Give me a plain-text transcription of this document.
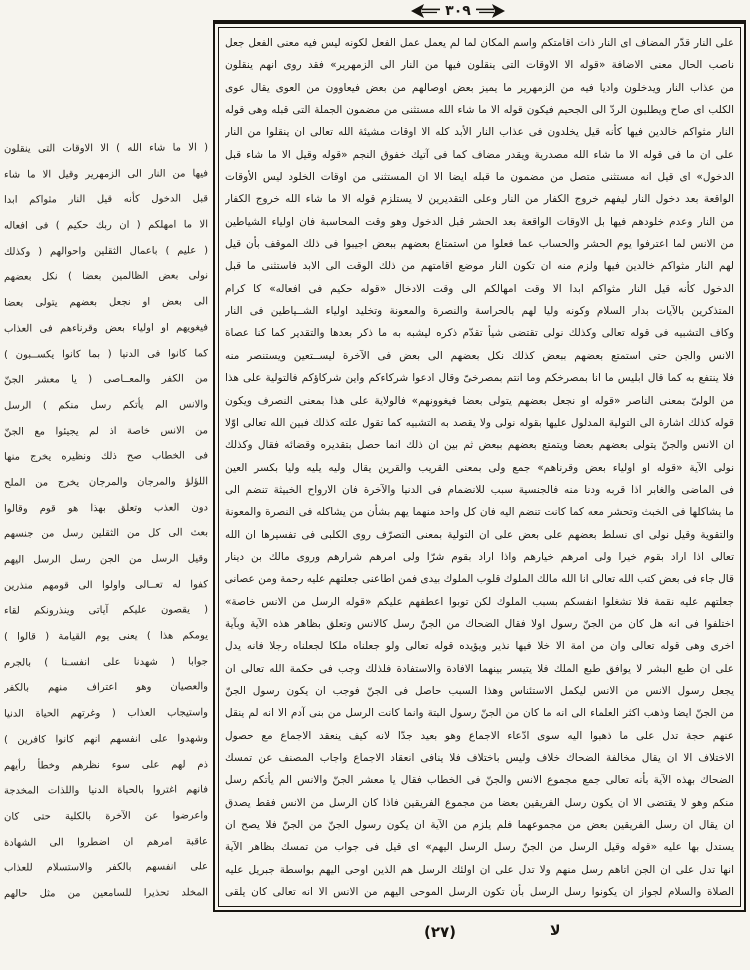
٣٠٩
( الا ما شاء الله ) الا الاوقات التى ينقلون
فيها من النار الى الزمهرير وقيل الا ما شاء
قبل الدخول كأنه قيل النار مثواكم ابدا
الا ما امهلكم ( ان ربك حكيم ) فى افعاله
( عليم ) باعمال الثقلين واحوالهم ( وكذلك
نولى بعض الظالمين بعضا ) نكل بعضهم
الى بعض او نجعل بعضهم يتولى بعضا
فيغويهم او اولياء بعض وقرناءهم فى العذاب
كما كانوا فى الدنيا ( بما كانوا يكســبون )
من الكفر والمعــاصى ( يا معشر الجنّ
والانس الم يأتكم رسل منكم ) الرسل
من الانس خاصة اذ لم يجيئوا مع الجنّ
فى الخطاب صح ذلك ونظيره يخرج منها
اللؤلؤ والمرجان والمرجان يخرج من الملح
دون العذب وتعلق بهذا هو قوم وقالوا
بعث الى كل من الثقلين رسل من جنسهم
وقيل الرسل من الجن رسل الرسل اليهم
كفوا له تعــالى واولوا الى قومهم منذرين
( يقصون عليكم آياتى وينذرونكم لقاء
يومكم هذا ) يعنى يوم القيامة ( قالوا )
جوابا ( شهدنا على انفسـنا ) بالجرم
والعصيان وهو اعتراف منهم بالكفر
واستيجاب العذاب ( وغرتهم الحياة الدنيا
وشهدوا على انفسهم انهم كانوا كافرين )
ذم لهم على سوء نظرهم وخطأ رأيهم
فانهم اغتروا بالحياة الدنيا واللذات المخدجة
واعرضوا عن الآخرة بالكلية حتى كان
عاقبة امرهم ان اضطروا الى الشهادة
على انفسهم بالكفر والاستسلام للعذاب
المخلد تحذيرا للسامعين من مثل حالهم
على النار قدّر المضاف اى النار ذات اقامتكم واسم المكان لما لم يعمل عمل الفعل لكونه ليس فيه معنى الفعل جعل
ناصب الحال معنى الاضافة «قوله الا الاوقات التى ينقلون فيها من النار الى الزمهرير» فقد روى انهم ينقلون
من عذاب النار ويدخلون واديا فيه من الزمهرير ما يميز بعض اوصالهم من بعض فيعاوون من العوى يقال عوى
الكلب اى صاح ويطلبون الردّ الى الجحيم فيكون قوله الا ما شاء الله مستثنى من مضمون الجملة التى قبله وهى قوله
النار مثواكم خالدين فيها كأنه قيل يخلدون فى عذاب النار الأبد كله الا اوقات مشيئة الله تعالى ان ينقلوا من النار
على ان ما فى قوله الا ما شاء الله مصدرية ويقدر مضاف كما فى آتيك خفوق النجم «قوله وقيل الا ما شاء قبل
الدخول» اى قيل انه مستثنى متصل من مضمون ما قبله ايضا الا ان المستثنى من اوقات الخلود ليس الأوقات
الواقعة بعد دخول النار ليفهم خروج الكفار من النار وعلى التقديرين لا يستلزم قوله الا ما شاء الله خروج الكفار
من النار وعدم خلودهم فيها بل الاوقات الواقعة بعد الحشر قبل الدخول وهو وقت المحاسبة فان اولياء الشياطين
من الانس لما اعترفوا يوم الحشر والحساب عما فعلوا من استمتاع بعضهم ببعض اجيبوا فى ذلك الموقف بأن قيل
لهم النار مثواكم خالدين فيها ولزم منه ان تكون النار موضع اقامتهم من ذلك الوقت الى الابد فاستثنى ما قبل
الدخول كأنه قيل النار مثواكم ابدا الا وقت امهالكم الى وقت الادخال «قوله حكيم فى افعاله» كا كرام
المتذكرين بالآيات بدار السلام وكونه وليا لهم بالحراسة والنصرة والمعونة وتخليد اولياء الشــياطين فى النار
وكاف التشبيه فى قوله تعالى وكذلك نولى تقتضى شيأ تقدّم ذكره ليشبه به ما ذكر بعدها والتقدير كما كنا عصاة
الانس والجن حتى استمتع بعضهم ببعض كذلك نكل بعضهم الى بعض فى الآخرة ليســتعين ويستنصر منه
فلا ينتفع به كما قال ابليس ما انا بمصرخكم وما انتم بمصرخىّ وقال ادعوا شركاءكم واين شركاؤكم فالتولية على هذا
من الولىّ بمعنى الناصر «قوله او نجعل بعضهم يتولى بعضا فيغوونهم» فالولاية على هذا بمعنى النصرف ويكون
قوله كذلك اشارة الى التولية المدلول عليها بقوله نولى ولا يقصد به التشبيه كما تقول علته كذلك فبين الله تعالى اوّلا
ان الانس والجنّ يتولى بعضهم بعضا ويتمتع بعضهم ببعض ثم بين ان ذلك انما حصل بتقديره وقضائه فقال وكذلك
نولى الآية «قوله او اولياء بعض وقرناهم» جمع ولى بمعنى القريب والقرين يقال وليه يليه وليا بكسر العين
فى الماضى والغابر اذا قربه ودنا منه فالجنسية سبب للانضمام فى الدنيا والآخرة فان الارواح الخبيثة تنضم الى
ما يشاكلها فى الخبث وتحشر معه كما كانت تنضم اليه فان كل واحد منهما يهم بشأن من يشاكله فى النصرة والمعونة
والتقوية وقيل نولى اى نسلط بعضهم على بعض على ان التولية بمعنى التصرّف روى الكلبى فى تفسيرها ان الله
تعالى اذا اراد بقوم خيرا ولى امرهم خيارهم واذا اراد بقوم شرّا ولى امرهم شرارهم وروى مالك بن دينار
قال جاء فى بعض كتب الله تعالى انا الله مالك الملوك قلوب الملوك بيدى فمن اطاعنى جعلتهم عليه رحمة ومن عصانى
جعلتهم عليه نقمة فلا تشغلوا انفسكم بسبب الملوك لكن توبوا اعطفهم عليكم «قوله الرسل من الانس خاصة»
اختلفوا فى انه هل كان من الجنّ رسول اولا فقال الضحاك من الجنّ رسل كالانس وتعلق بظاهر هذه الآية وبآية
اخرى وهى قوله تعالى وان من امة الا خلا فيها نذير ويؤيده قوله تعالى ولو جعلناه ملكا لجعلناه رجلا فانه يدل
على ان طبع البشر لا يوافق طبع الملك فلا يتيسر بينهما الافادة والاستفادة فلذلك وجب فى حكمة الله تعالى ان
يجعل رسول الانس من الانس ليكمل الاستئناس وهذا السبب حاصل فى الجنّ فوجب ان يكون رسول الجنّ
من الجنّ ايضا وذهب اكثر العلماء الى انه ما كان من الجنّ رسول البتة وانما كانت الرسل من بنى آدم الا انه لم ينقل
عنهم حجة تدل على ما ذهبوا اليه سوى ادّعاء الاجماع وهو بعيد جدّا لانه كيف ينعقد الاجماع مع حصول
الاختلاف الا ان يقال مخالفة الضحاك خلاف وليس باختلاف فلا ينافى انعقاد الاجماع واجاب المصنف عن تمسك
الضحاك بهذه الآية بأنه تعالى جمع مجموع الانس والجنّ فى الخطاب فقال يا معشر الجنّ والانس الم يأتكم رسل
منكم وهو لا يقتضى الا ان يكون رسل الفريقين بعضا من مجموع الفريقين فاذا كان الرسل من الانس فقط يصدق
ان يقال ان رسل الفريقين بعض من مجموعهما فلم يلزم من الآية ان يكون رسول الجنّ من الجنّ فلا يصح ان
يستدل بها عليه «قوله وقيل الرسل من الجنّ رسل الرسل اليهم» اى قيل فى جواب من تمسك بظاهر الآية
انها تدل على ان الجن اتاهم رسل منهم ولا تدل على ان اولئك الرسل هم الذين اوحى اليهم بواسطة جبريل عليه
الصلاة والسلام لجواز ان يكونوا رسل الرسل بأن تكون الرسل الموحى اليهم من الانس الا انه تعالى كان يلقى
(٢٧)	لا
